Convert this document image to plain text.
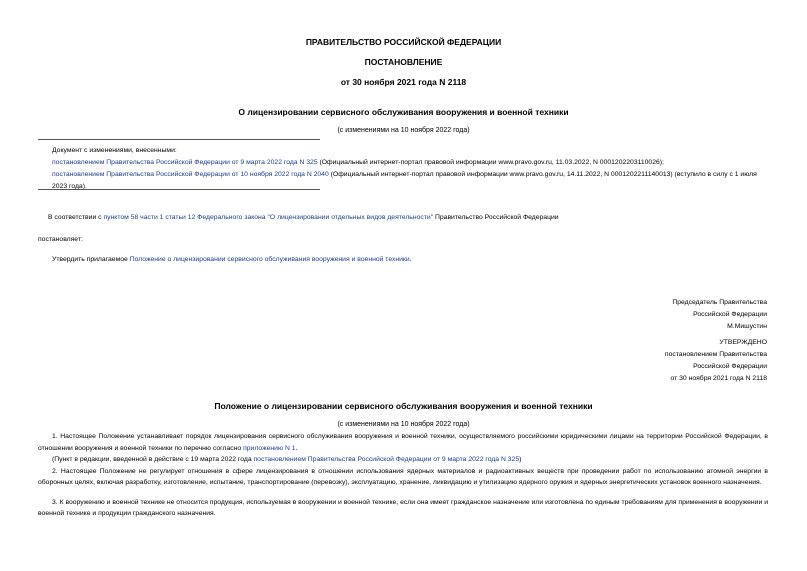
ПРАВИТЕЛЬСТВО РОССИЙСКОЙ ФЕДЕРАЦИИ
ПОСТАНОВЛЕНИЕ
от 30 ноября 2021 года N 2118
О лицензировании сервисного обслуживания вооружения и военной техники
(с изменениями на 10 ноября 2022 года)

Документ с изменениями, внесенными:

постановлением Правительства Российской Федерации от 9 марта 2022 года N 325 (Официальный интернет-портал правовой информации www.pravo.gov.ru, 11.03.2022, N 0001202203110026);

постановлением Правительства Российской Федерации от 10 ноября 2022 года N 2040 (Официальный интернет-портал правовой информации www.pravo.gov.ru, 14.11.2022, N 0001202211140013) (вступило в силу с 1 июля 2023 года).

В соответствии с пунктом 58 части 1 статьи 12 Федерального закона "О лицензировании отдельных видов деятельности" Правительство Российской Федерации
постановляет:
Утвердить прилагаемое Положение о лицензировании сервисного обслуживания вооружения и военной техники.
Председатель Правительства
Российской Федерации
М.Мишустин
УТВЕРЖДЕНО
постановлением Правительства
Российской Федерации
от 30 ноября 2021 года N 2118
Положение о лицензировании сервисного обслуживания вооружения и военной техники
(с изменениями на 10 ноября 2022 года)

1. Настоящее Положение устанавливает порядок лицензирования сервисного обслуживания вооружения и военной техники, осуществляемого российскими юридическими лицами на территории Российской Федерации, в отношении вооружения и военной техники по перечню согласно приложению N 1.

(Пункт в редакции, введенной в действие с 19 марта 2022 года постановлением Правительства Российской Федерации от 9 марта 2022 года N 325)

2. Настоящее Положение не регулирует отношения в сфере лицензирования в отношении использования ядерных материалов и радиоактивных веществ при проведении работ по использованию атомной энергии в оборонных целях, включая разработку, изготовление, испытание, транспортирование (перевозку), эксплуатацию, хранение, ликвидацию и утилизацию ядерного оружия и ядерных энергетических установок военного назначения.

3. К вооружению и военной технике не относится продукция, используемая в вооружении и военной технике, если она имеет гражданское назначение или изготовлена по единым требованиям для применения в вооружении и военной технике и продукции гражданского назначения.
